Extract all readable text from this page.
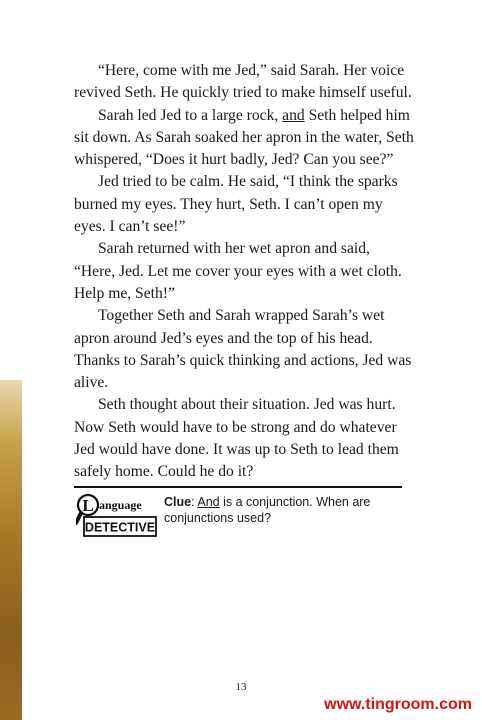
“Here, come with me Jed,” said Sarah. Her voice revived Seth. He quickly tried to make himself useful.

Sarah led Jed to a large rock, and Seth helped him sit down. As Sarah soaked her apron in the water, Seth whispered, “Does it hurt badly, Jed? Can you see?”

Jed tried to be calm. He said, “I think the sparks burned my eyes. They hurt, Seth. I can’t open my eyes. I can’t see!”

Sarah returned with her wet apron and said, “Here, Jed. Let me cover your eyes with a wet cloth. Help me, Seth!”

Together Seth and Sarah wrapped Sarah’s wet apron around Jed’s eyes and the top of his head. Thanks to Sarah’s quick thinking and actions, Jed was alive.

Seth thought about their situation. Jed was hurt. Now Seth would have to be strong and do whatever Jed would have done. It was up to Seth to lead them safely home. Could he do it?

L anguage
DETECTIVE
Clue: And is a conjunction. When are conjunctions used?
13
www.tingroom.com
